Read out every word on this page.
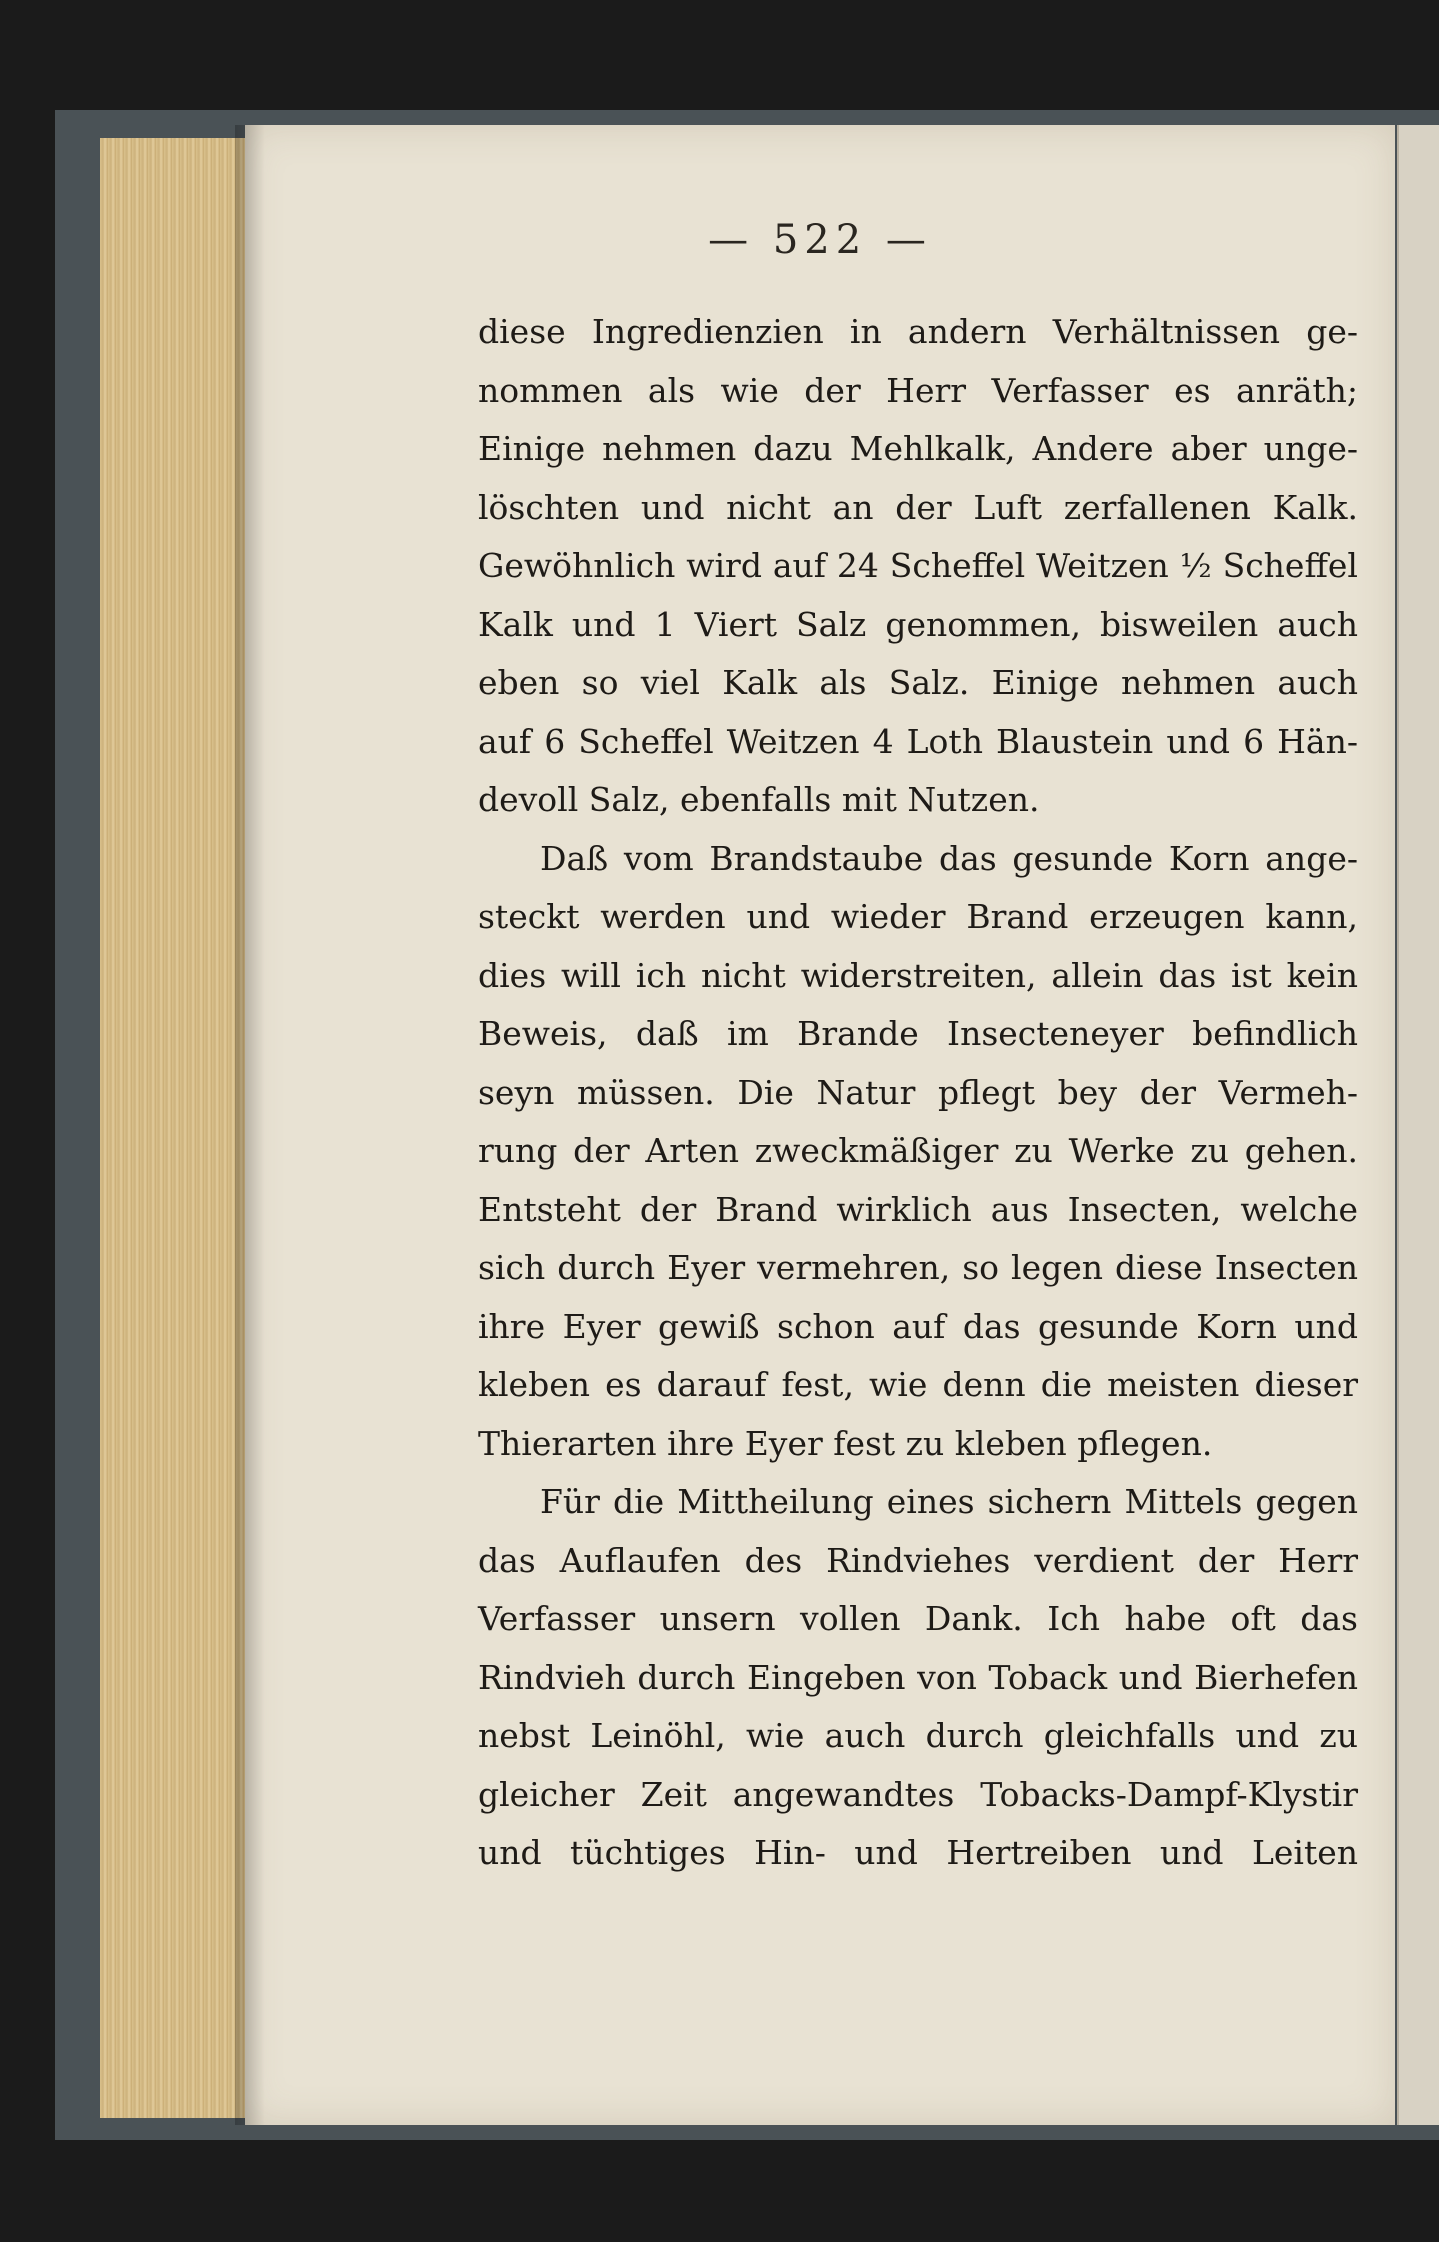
— 522 —
diese Ingredienzien in andern Verhältnissen ge-
nommen als wie der Herr Verfasser es anräth;
Einige nehmen dazu Mehlkalk, Andere aber unge-
löschten und nicht an der Luft zerfallenen Kalk.
Gewöhnlich wird auf 24 Scheffel Weitzen ½ Scheffel
Kalk und 1 Viert Salz genommen, bisweilen auch
eben so viel Kalk als Salz. Einige nehmen auch
auf 6 Scheffel Weitzen 4 Loth Blaustein und 6 Hän-
devoll Salz, ebenfalls mit Nutzen.
Daß vom Brandstaube das gesunde Korn ange-
steckt werden und wieder Brand erzeugen kann,
dies will ich nicht widerstreiten, allein das ist kein
Beweis, daß im Brande Insecteneyer befindlich
seyn müssen. Die Natur pflegt bey der Vermeh-
rung der Arten zweckmäßiger zu Werke zu gehen.
Entsteht der Brand wirklich aus Insecten, welche
sich durch Eyer vermehren, so legen diese Insecten
ihre Eyer gewiß schon auf das gesunde Korn und
kleben es darauf fest, wie denn die meisten dieser
Thierarten ihre Eyer fest zu kleben pflegen.
Für die Mittheilung eines sichern Mittels gegen
das Auflaufen des Rindviehes verdient der Herr
Verfasser unsern vollen Dank. Ich habe oft das
Rindvieh durch Eingeben von Toback und Bierhefen
nebst Leinöhl, wie auch durch gleichfalls und zu
gleicher Zeit angewandtes Tobacks-Dampf-Klystir
und tüchtiges Hin- und Hertreiben und Leiten
